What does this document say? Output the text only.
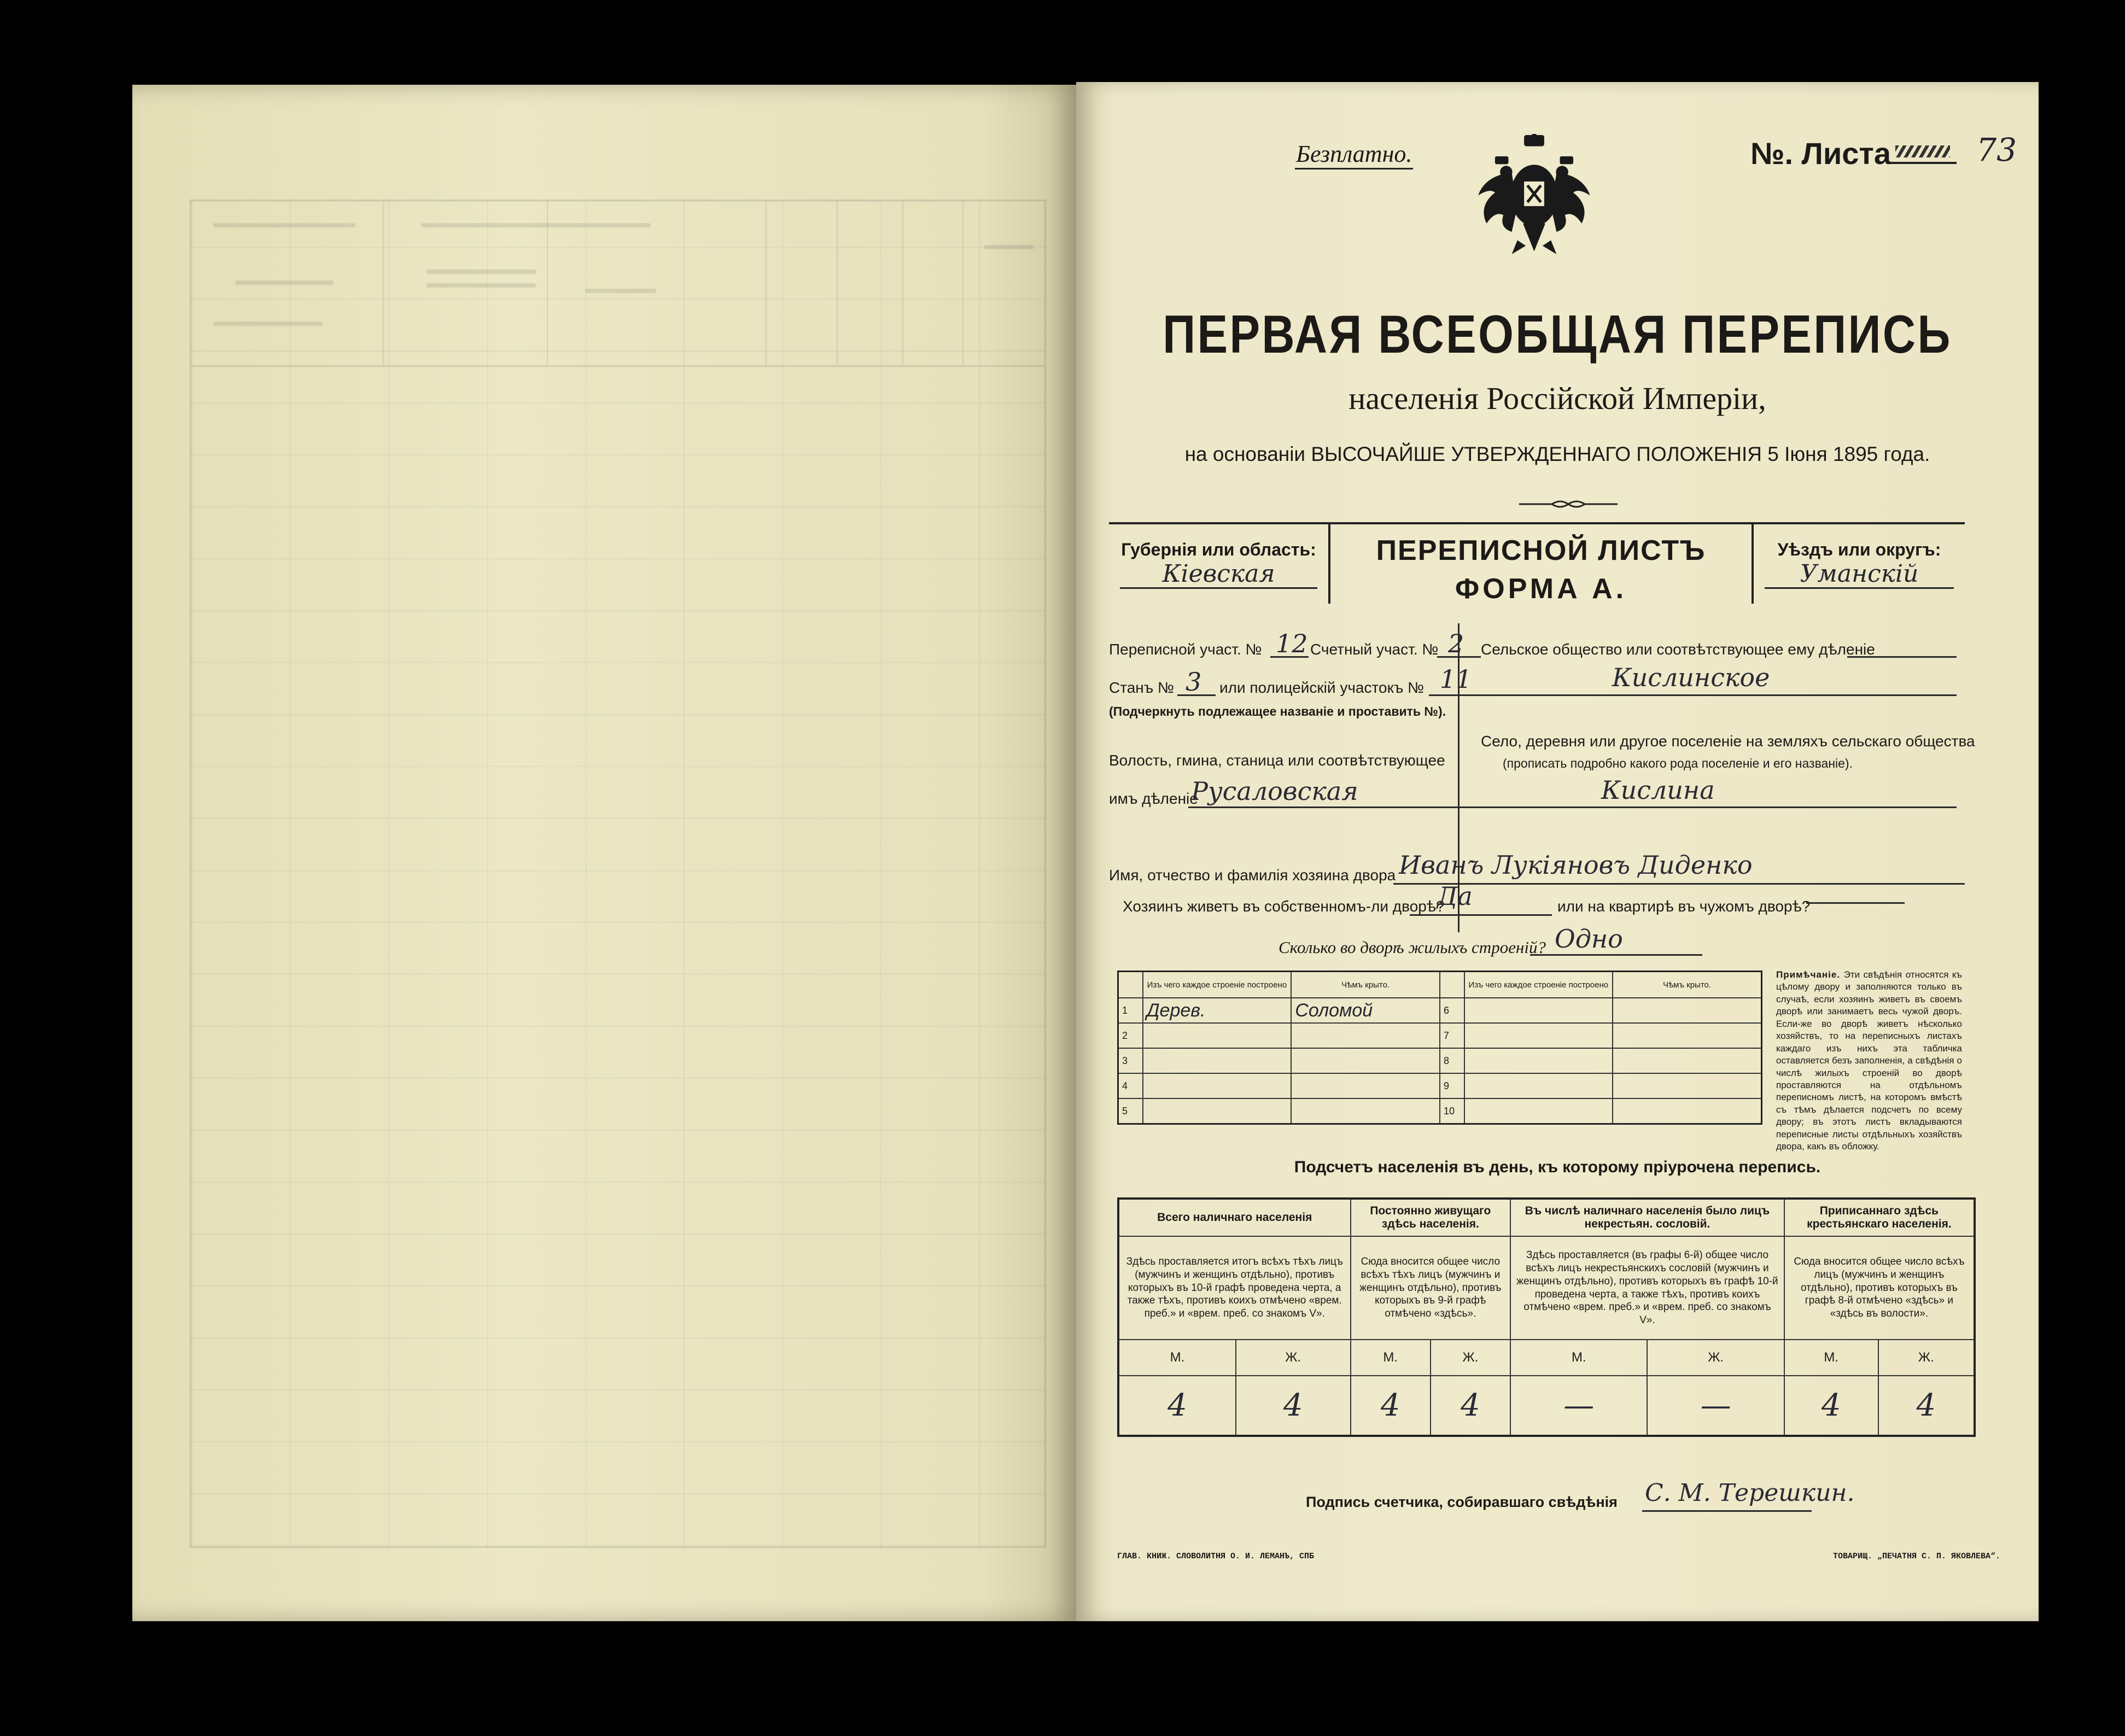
Безплатно.	№. Листа	73
ПЕРВАЯ ВСЕОБЩАЯ ПЕРЕПИСЬ
населенія Россійской Имперіи,
на основаніи ВЫСОЧАЙШЕ УТВЕРЖДЕННАГО ПОЛОЖЕНІЯ 5 Іюня 1895 года.
Губернія или область:
Кіевская
ПЕРЕПИСНОЙ ЛИСТЪ
ФОРМА А.
Уѣздъ или округъ:
Уманскій
Переписной участ. № 12 Счетный участ. № 2
Станъ № 3 или полицейскій участокъ № 11
(Подчеркнуть подлежащее названіе и проставить №).
Волость, гмина, станица или соотвѣтствующее
имъ дѣленіе
Русаловская
Сельское общество или соотвѣтствующее ему дѣленіе
Кислинское
Село, деревня или другое поселеніе на земляхъ сельскаго общества
(прописать подробно какого рода поселеніе и его названіе).
Кислина
Имя, отчество и фамилія хозяина двора Иванъ Лукіяновъ Диденко
Хозяинъ живетъ въ собственномъ-ли дворѣ?
Да	или на квартирѣ въ чужомъ дворѣ?
Сколько во дворѣ жилыхъ строеній? Одно
	Изъ чего каждое строеніе построено	Чѣмъ крыто.		Изъ чего каждое строеніе построено	Чѣмъ крыто.
1	Дерев.	Соломой	6		
2			7		
3			8		
4			9		
5			10		
Примѣчаніе. Эти свѣдѣнія относятся къ цѣлому двору и заполняются только въ случаѣ, если хозяинъ живетъ въ своемъ дворѣ или занимаетъ весь чужой дворъ. Если-же во дворѣ живетъ нѣсколько хозяйствъ, то на переписныхъ листахъ каждаго изъ нихъ эта табличка оставляется безъ заполненія, а свѣдѣнія о числѣ жилыхъ строеній во дворѣ проставляются на отдѣльномъ переписномъ листѣ, на которомъ вмѣстѣ съ тѣмъ дѣлается подсчетъ по всему двору; въ этотъ листъ вкладываются переписные листы отдѣльныхъ хозяйствъ двора, какъ въ обложку.
Подсчетъ населенія въ день, къ которому пріурочена перепись.
Всего наличнаго населенія		Постоянно живущаго здѣсь населенія.		Въ числѣ наличнаго населенія было лицъ некрестьян. сословій.		Приписаннаго здѣсь крестьянскаго населенія.	
Здѣсь проставляется итогъ всѣхъ тѣхъ лицъ (мужчинъ и женщинъ отдѣльно), противъ которыхъ въ 10-й графѣ проведена черта, а также тѣхъ, противъ коихъ отмѣчено «врем. преб.» и «врем. преб. со знакомъ V».		Сюда вносится общее число всѣхъ тѣхъ лицъ (мужчинъ и женщинъ отдѣльно), противъ которыхъ въ 9-й графѣ отмѣчено «здѣсь».		Здѣсь проставляется (въ графы 6-й) общее число всѣхъ лицъ некрестьянскихъ сословій (мужчинъ и женщинъ отдѣльно), противъ которыхъ въ графѣ 10-й проведена черта, а также тѣхъ, противъ коихъ отмѣчено «врем. преб.» и «врем. преб. со знакомъ V».		Сюда вносится общее число всѣхъ лицъ (мужчинъ и женщинъ отдѣльно), противъ которыхъ въ графѣ 8-й отмѣчено «здѣсь» и «здѣсь въ волости».	
М.	Ж.	М.	Ж.	М.	Ж.	М.	Ж.
4	4	4	4	—	—	4	4
Подпись счетчика, собиравшаго свѣдѣнія С. М. Терешкин.
ГЛАВ. КНИЖ. СЛОВОЛИТНЯ О. И. ЛЕМАНЪ, СПБ	ТОВАРИЩ. „ПЕЧАТНЯ С. П. ЯКОВЛЕВА“.
